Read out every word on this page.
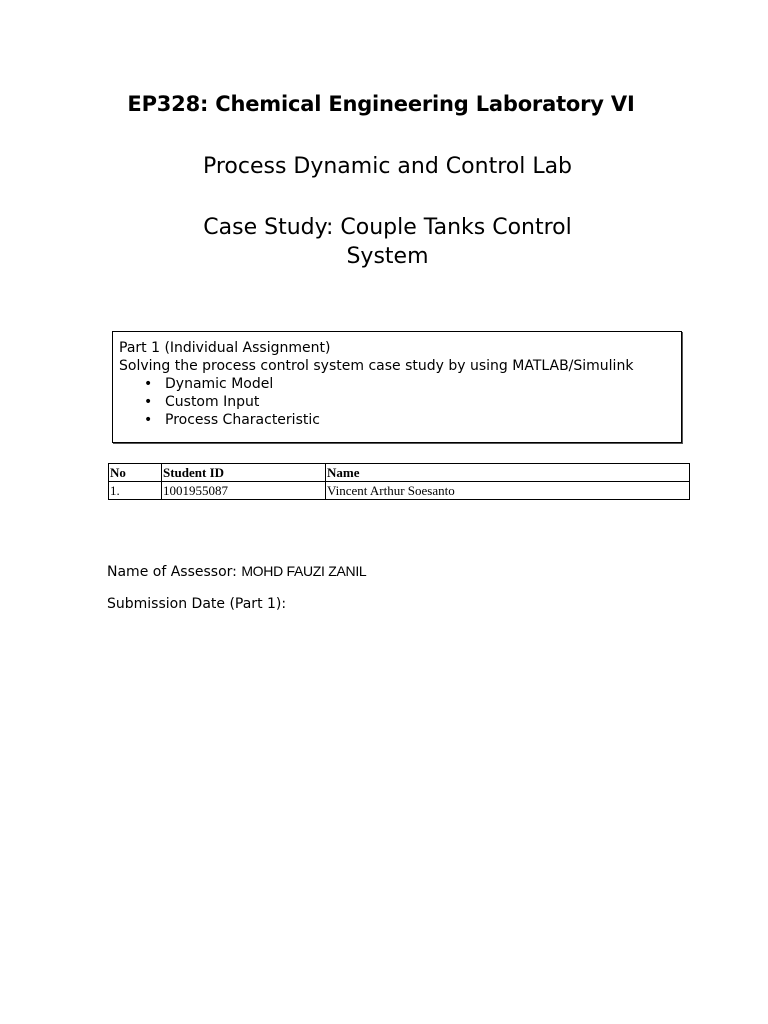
EP328: Chemical Engineering Laboratory VI
Process Dynamic and Control Lab
Case Study: Couple Tanks Control System
Part 1 (Individual Assignment)
Solving the process control system case study by using MATLAB/Simulink
• Dynamic Model
• Custom Input
• Process Characteristic
No	Student ID	Name
1.	1001955087	Vincent Arthur Soesanto
Name of Assessor: MOHD FAUZI ZANIL
Submission Date (Part 1):
